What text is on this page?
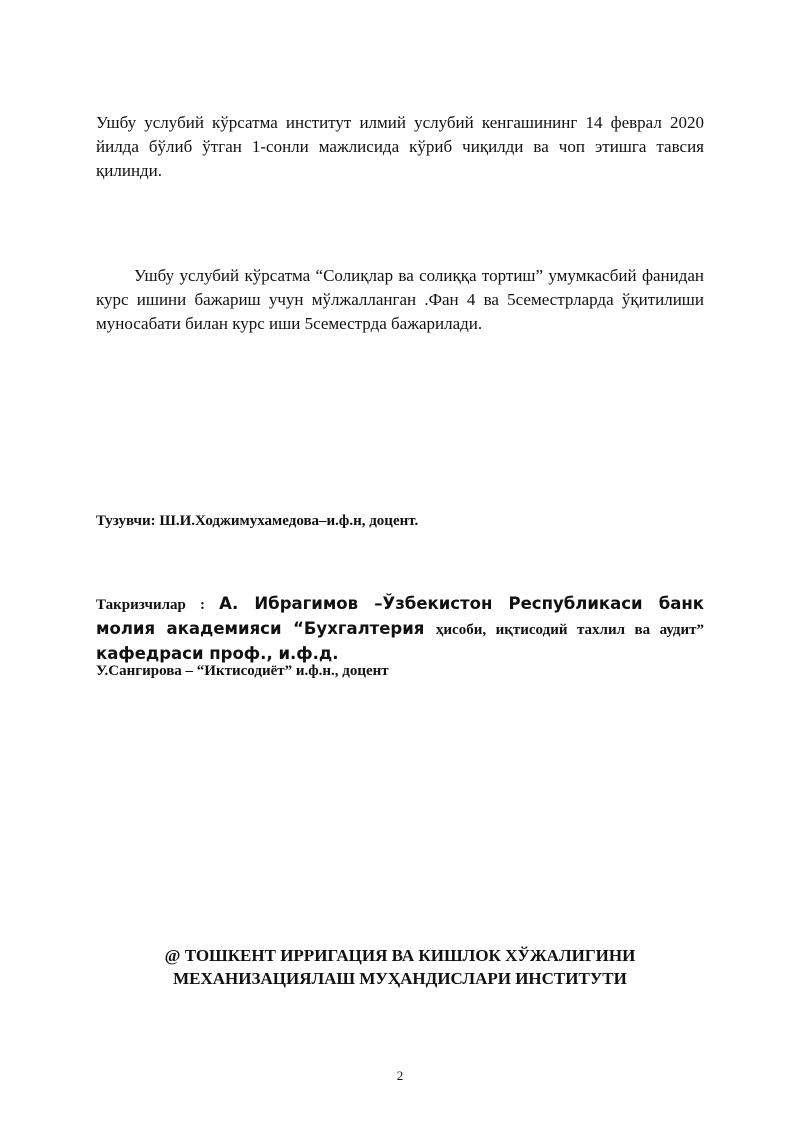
Ушбу услубий кўрсатма институт илмий услубий кенгашининг 14 феврал 2020 йилда бўлиб ўтган 1-сонли мажлисида кўриб чиқилди ва чоп этишга тавсия қилинди.

Ушбу услубий кўрсатма “Солиқлар ва солиққа тортиш” умумкасбий фанидан курс ишини бажариш учун мўлжалланган .Фан 4 ва 5семестрларда ўқитилиши муносабати билан курс иши 5семестрда бажарилади.

Тузувчи: Ш.И.Ходжимухамедова–и.ф.н, доцент.

Такризчилар : А. Ибрагимов –Ўзбекистон Республикаси банк молия академияси “Бухгалтерия ҳисоби, иқтисодий тахлил ва аудит” кафедраси проф., и.ф.д.

У.Сангирова – “Иктисодиёт” и.ф.н., доцент

@ ТОШКЕНТ ИРРИГАЦИЯ ВА КИШЛОК ХЎЖАЛИГИНИ
МЕХАНИЗАЦИЯЛАШ МУҲАНДИСЛАРИ ИНСТИТУТИ

2
